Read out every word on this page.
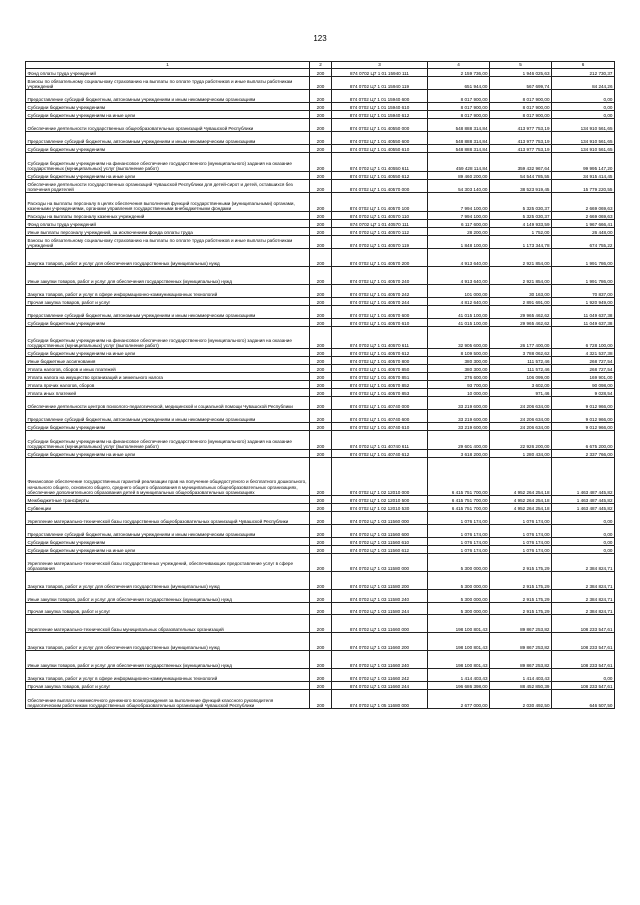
123
1	2	3	4	5	6
Фонд оплаты труда учреждений	200	874 0702 Ц7 1 01 15940 111	2 159 736,00	1 946 025,63	212 730,37
Взносы по обязательному социальному страхованию на выплаты по оплате труда работников и иные выплаты работникам учреждений	200	874 0702 Ц7 1 01 15940 119	651 944,00	567 699,74	84 244,26
Предоставление субсидий бюджетным, автономным учреждениям и иным некоммерческим организациям	200	874 0702 Ц7 1 01 15940 600	8 017 900,00	8 017 900,00	0,00
Субсидии бюджетным учреждениям	200	874 0702 Ц7 1 01 15940 610	8 017 900,00	8 017 900,00	0,00
Субсидии бюджетным учреждениям на иные цели	200	874 0702 Ц7 1 01 15940 612	8 017 900,00	8 017 900,00	0,00
Обеспечение деятельности государственных общеобразовательных организаций Чувашской Республики	200	874 0702 Ц7 1 01 40550 000	548 888 314,84	413 977 753,19	134 910 561,65
Предоставление субсидий бюджетным, автономным учреждениям и иным некоммерческим организациям	200	874 0702 Ц7 1 01 40550 600	548 888 314,84	413 977 753,19	134 910 561,65
Субсидии бюджетным учреждениям	200	874 0702 Ц7 1 01 40550 610	548 888 314,84	413 977 753,19	134 910 561,65
Субсидии бюджетным учреждениям на финансовое обеспечение государственного (муниципального) задания на оказание государственных (муниципальных) услуг (выполнение работ)	200	874 0702 Ц7 1 01 40550 611	459 428 114,84	359 432 967,64	99 995 147,20
Субсидии бюджетным учреждениям на иные цели	200	874 0702 Ц7 1 01 40550 612	89 460 200,00	54 544 785,55	34 915 414,45
Обеспечение деятельности государственных организаций Чувашской Республики для детей-сирот и детей, оставшихся без попечения родителей	200	874 0702 Ц7 1 01 40570 000	54 303 140,00	38 523 919,45	15 779 220,55
Расходы на выплаты персоналу в целях обеспечения выполнения функций государственными (муниципальными) органами, казенными учреждениями, органами управления государственными внебюджетными фондами	200	874 0702 Ц7 1 01 40570 100	7 994 100,00	5 325 030,37	2 669 069,63
Расходы на выплаты персоналу казенных учреждений	200	874 0702 Ц7 1 01 40570 110	7 994 100,00	5 325 030,37	2 669 069,63
Фонд оплаты труда учреждений	200	874 0702 Ц7 1 01 40570 111	6 117 600,00	4 149 933,59	1 967 666,41
Иные выплаты персоналу учреждений, за исключением фонда оплаты труда	200	874 0702 Ц7 1 01 40570 112	28 200,00	1 752,00	26 448,00
Взносы по обязательному социальному страхованию на выплаты по оплате труда работников и иные выплаты работникам учреждений	200	874 0702 Ц7 1 01 40570 119	1 848 100,00	1 173 344,78	674 755,22
Закупка товаров, работ и услуг для обеспечения государственных (муниципальных) нужд	200	874 0702 Ц7 1 01 40570 200	4 913 640,00	2 921 854,00	1 991 786,00
Иные закупки товаров, работ и услуг для обеспечения государственных (муниципальных) нужд	200	874 0702 Ц7 1 01 40570 240	4 913 640,00	2 921 854,00	1 991 786,00
Закупка товаров, работ и услуг в сфере информационно-коммуникационных технологий	200	874 0702 Ц7 1 01 40570 242	101 000,00	30 163,00	70 837,00
Прочая закупка товаров, работ и услуг	200	874 0702 Ц7 1 01 40570 244	4 812 640,00	2 891 691,00	1 920 949,00
Предоставление субсидий бюджетным, автономным учреждениям и иным некоммерческим организациям	200	874 0702 Ц7 1 01 40570 600	41 015 100,00	29 965 462,62	11 049 637,38
Субсидии бюджетным учреждениям	200	874 0702 Ц7 1 01 40570 610	41 015 100,00	29 965 462,62	11 049 637,38
Субсидии бюджетным учреждениям на финансовое обеспечение государственного (муниципального) задания на оказание государственных (муниципальных) услуг (выполнение работ)	200	874 0702 Ц7 1 01 40570 611	32 905 600,00	26 177 400,00	6 728 100,00
Субсидии бюджетным учреждениям на иные цели	200	874 0702 Ц7 1 01 40570 612	8 109 500,00	3 788 062,62	4 321 537,38
Иные бюджетные ассигнования	200	874 0702 Ц7 1 01 40570 800	380 300,00	111 572,46	268 727,54
Уплата налогов, сборов и иных платежей	200	874 0702 Ц7 1 01 40570 850	380 300,00	111 572,46	268 727,54
Уплата налога на имущество организаций и земельного налога	200	874 0702 Ц7 1 01 40570 851	276 600,00	106 099,00	169 901,00
Уплата прочих налогов, сборов	200	874 0702 Ц7 1 01 40570 852	93 700,00	3 602,00	90 098,00
Уплата иных платежей	200	874 0702 Ц7 1 01 40570 853	10 000,00	971,46	9 028,54
Обеспечение деятельности центров психолого-педагогической, медицинской и социальной помощи Чувашской Республики	200	874 0702 Ц7 1 01 40740 000	33 219 600,00	24 206 634,00	9 012 966,00
Предоставление субсидий бюджетным, автономным учреждениям и иным некоммерческим организациям	200	874 0702 Ц7 1 01 40740 600	33 219 600,00	24 206 634,00	9 012 966,00
Субсидии бюджетным учреждениям	200	874 0702 Ц7 1 01 40740 610	33 219 600,00	24 206 634,00	9 012 966,00
Субсидии бюджетным учреждениям на финансовое обеспечение государственного (муниципального) задания на оказание государственных (муниципальных) услуг (выполнение работ)	200	874 0702 Ц7 1 01 40740 611	29 601 400,00	22 926 200,00	6 675 200,00
Субсидии бюджетным учреждениям на иные цели	200	874 0702 Ц7 1 01 40740 612	3 618 200,00	1 280 434,00	2 337 766,00
Финансовое обеспечение государственных гарантий реализации прав на получение общедоступного и бесплатного дошкольного, начального общего, основного общего, среднего общего образования в муниципальных общеобразовательных организациях, обеспечение дополнительного образования детей в муниципальных общеобразовательных организациях	200	874 0702 Ц7 1 02 12010 000	6 415 751 700,00	4 952 264 254,18	1 463 487 445,82
Межбюджетные трансферты	200	874 0702 Ц7 1 02 12010 500	6 415 751 700,00	4 952 264 254,18	1 463 487 445,82
Субвенции	200	874 0702 Ц7 1 02 12010 530	6 415 751 700,00	4 952 264 254,18	1 463 487 445,82
Укрепление материально-технической базы государственных общеобразовательных организаций Чувашской Республики	200	874 0702 Ц7 1 03 11560 000	1 076 174,00	1 076 174,00	0,00
Предоставление субсидий бюджетным, автономным учреждениям и иным некоммерческим организациям	200	874 0702 Ц7 1 03 11560 600	1 076 174,00	1 076 174,00	0,00
Субсидии бюджетным учреждениям	200	874 0702 Ц7 1 03 11560 610	1 076 174,00	1 076 174,00	0,00
Субсидии бюджетным учреждениям на иные цели	200	874 0702 Ц7 1 03 11560 612	1 076 174,00	1 076 174,00	0,00
Укрепление материально-технической базы государственных учреждений, обеспечивающих предоставление услуг в сфере образования	200	874 0702 Ц7 1 03 11580 000	5 300 000,00	2 915 175,29	2 384 824,71
Закупка товаров, работ и услуг для обеспечения государственных (муниципальных) нужд	200	874 0702 Ц7 1 03 11580 200	5 300 000,00	2 915 175,29	2 384 824,71
Иные закупки товаров, работ и услуг для обеспечения государственных (муниципальных) нужд	200	874 0702 Ц7 1 03 11580 240	5 300 000,00	2 915 175,29	2 384 824,71
Прочая закупка товаров, работ и услуг	200	874 0702 Ц7 1 03 11580 244	5 300 000,00	2 915 175,29	2 384 824,71
Укрепление материально-технической базы муниципальных образовательных организаций	200	874 0702 Ц7 1 03 11660 000	198 100 801,43	89 867 253,82	108 233 547,61
Закупка товаров, работ и услуг для обеспечения государственных (муниципальных) нужд	200	874 0702 Ц7 1 03 11660 200	198 100 801,43	89 867 253,82	108 233 547,61
Иные закупки товаров, работ и услуг для обеспечения государственных (муниципальных) нужд	200	874 0702 Ц7 1 03 11660 240	198 100 801,43	89 867 253,82	108 233 547,61
Закупка товаров, работ и услуг в сфере информационно-коммуникационных технологий	200	874 0702 Ц7 1 03 11660 242	1 414 403,43	1 414 403,43	0,00
Прочая закупка товаров, работ и услуг	200	874 0702 Ц7 1 03 11660 244	196 686 398,00	88 452 850,39	108 233 547,61
Обеспечение выплаты ежемесячного денежного вознаграждения за выполнение функций классного руководителя педагогическим работникам государственных общеобразовательных организаций Чувашской Республики	200	874 0702 Ц7 1 05 11680 000	2 677 000,00	2 030 492,50	646 507,50
